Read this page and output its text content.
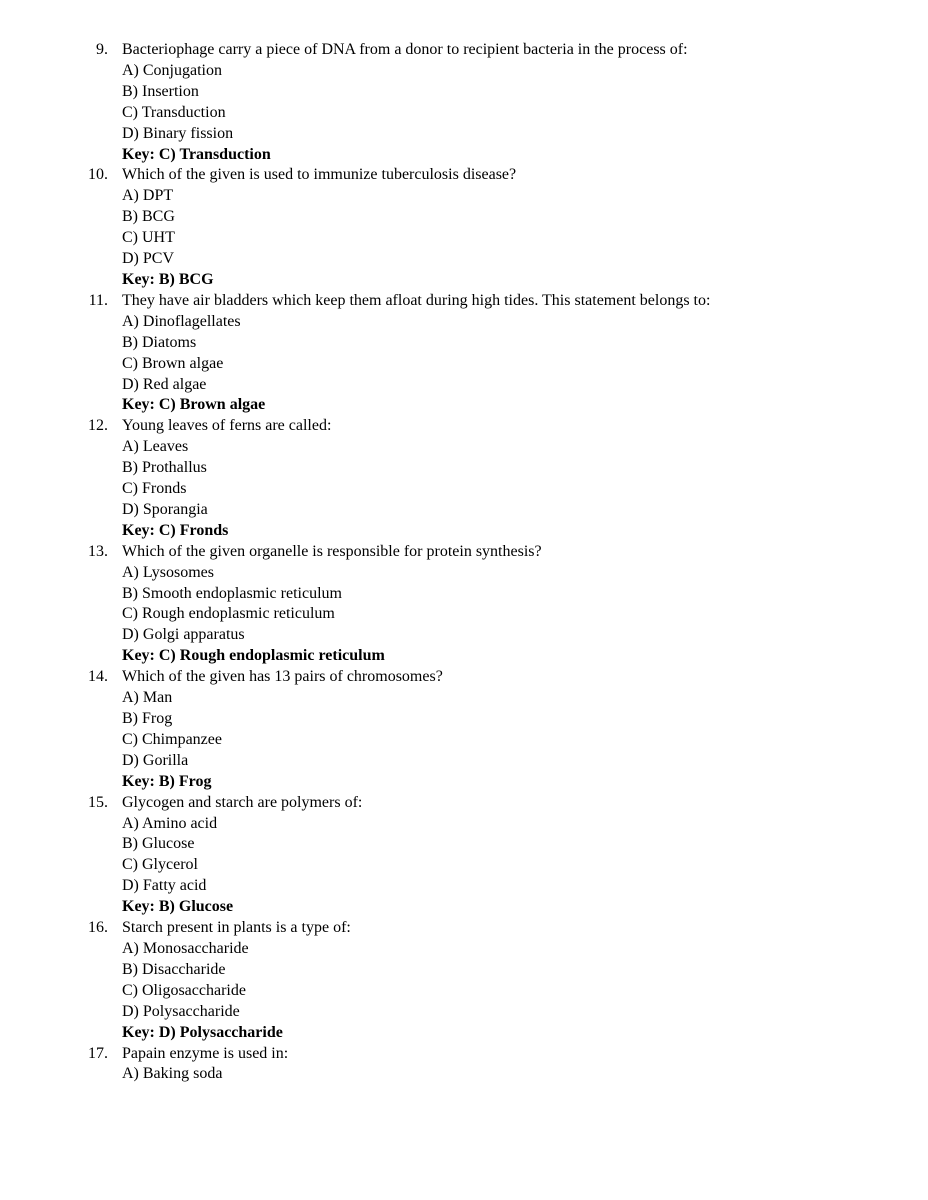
9. Bacteriophage carry a piece of DNA from a donor to recipient bacteria in the process of:
A) Conjugation
B) Insertion
C) Transduction
D) Binary fission
Key: C) Transduction
10. Which of the given is used to immunize tuberculosis disease?
A) DPT
B) BCG
C) UHT
D) PCV
Key: B) BCG
11. They have air bladders which keep them afloat during high tides. This statement belongs to:
A) Dinoflagellates
B) Diatoms
C) Brown algae
D) Red algae
Key: C) Brown algae
12. Young leaves of ferns are called:
A) Leaves
B) Prothallus
C) Fronds
D) Sporangia
Key: C) Fronds
13. Which of the given organelle is responsible for protein synthesis?
A) Lysosomes
B) Smooth endoplasmic reticulum
C) Rough endoplasmic reticulum
D) Golgi apparatus
Key: C) Rough endoplasmic reticulum
14. Which of the given has 13 pairs of chromosomes?
A) Man
B) Frog
C) Chimpanzee
D) Gorilla
Key: B) Frog
15. Glycogen and starch are polymers of:
A) Amino acid
B) Glucose
C) Glycerol
D) Fatty acid
Key: B) Glucose
16. Starch present in plants is a type of:
A) Monosaccharide
B) Disaccharide
C) Oligosaccharide
D) Polysaccharide
Key: D) Polysaccharide
17. Papain enzyme is used in:
A) Baking soda
